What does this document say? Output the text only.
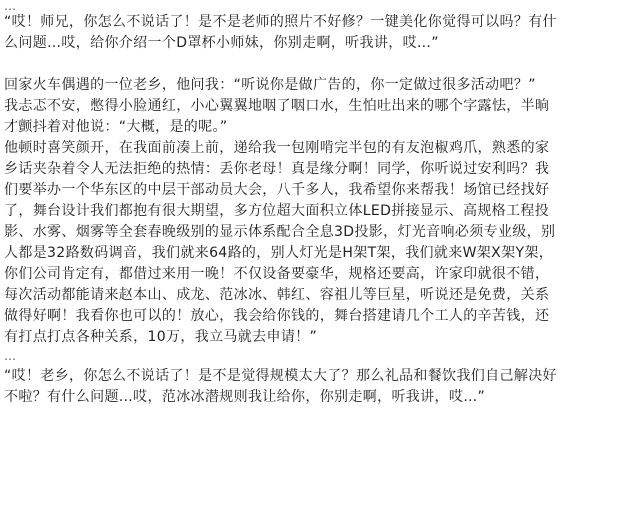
…

“哎！师兄，你怎么不说话了！是不是老师的照片不好修？一键美化你觉得可以吗？有什
么问题…哎，给你介绍一个D罩杯小师妹，你别走啊，听我讲，哎…”

回家火车偶遇的一位老乡，他问我：“听说你是做广告的，你一定做过很多活动吧？”
我忐忑不安，憋得小脸通红，小心翼翼地咽了咽口水，生怕吐出来的哪个字露怯，半晌
才颤抖着对他说：“大概，是的呢。”
他顿时喜笑颜开，在我面前凑上前，递给我一包刚啃完半包的有友泡椒鸡爪，熟悉的家
乡话夹杂着令人无法拒绝的热情：丢你老母！真是缘分啊！同学，你听说过安利吗？我
们要举办一个华东区的中层干部动员大会，八千多人，我希望你来帮我！场馆已经找好
了，舞台设计我们都抱有很大期望，多方位超大面积立体LED拼接显示、高规格工程投
影、水雾、烟雾等全套春晚级别的显示体系配合全息3D投影，灯光音响必须专业级，别
人都是32路数码调音，我们就来64路的，别人灯光是H架T架，我们就来W架X架Y架，
你们公司肯定有，都借过来用一晚！不仅设备要豪华，规格还要高，许家印就很不错，
每次活动都能请来赵本山、成龙、范冰冰、韩红、容祖儿等巨星，听说还是免费，关系
做得好啊！我看你也可以的！放心，我会给你钱的，舞台搭建请几个工人的辛苦钱，还
有打点打点各种关系，10万，我立马就去申请！”

…

“哎！老乡，你怎么不说话了！是不是觉得规模太大了？那么礼品和餐饮我们自己解决好
不啦？有什么问题…哎，范冰冰潜规则我让给你，你别走啊，听我讲，哎…”
